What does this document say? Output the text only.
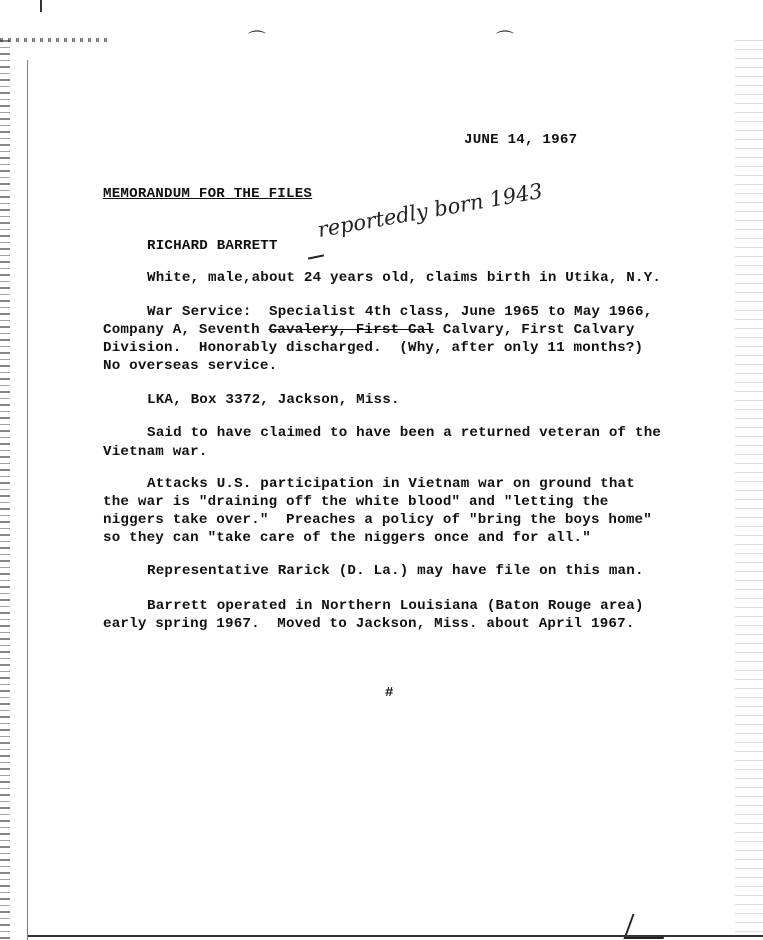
⌒	⌒
JUNE 14, 1967
MEMORANDUM FOR THE FILES
RICHARD BARRETT
reportedly born 1943
White, male,about 24 years old, claims birth in Utika, N.Y.
War Service:  Specialist 4th class, June 1965 to May 1966,
Company A, Seventh Cavalery, First Cal Calvary, First Calvary
Division.  Honorably discharged.  (Why, after only 11 months?)
No overseas service.
LKA, Box 3372, Jackson, Miss.
Said to have claimed to have been a returned veteran of the
Vietnam war.
Attacks U.S. participation in Vietnam war on ground that
the war is "draining off the white blood" and "letting the
niggers take over."  Preaches a policy of "bring the boys home"
so they can "take care of the niggers once and for all."
Representative Rarick (D. La.) may have file on this man.
Barrett operated in Northern Louisiana (Baton Rouge area)
early spring 1967.  Moved to Jackson, Miss. about April 1967.
#
